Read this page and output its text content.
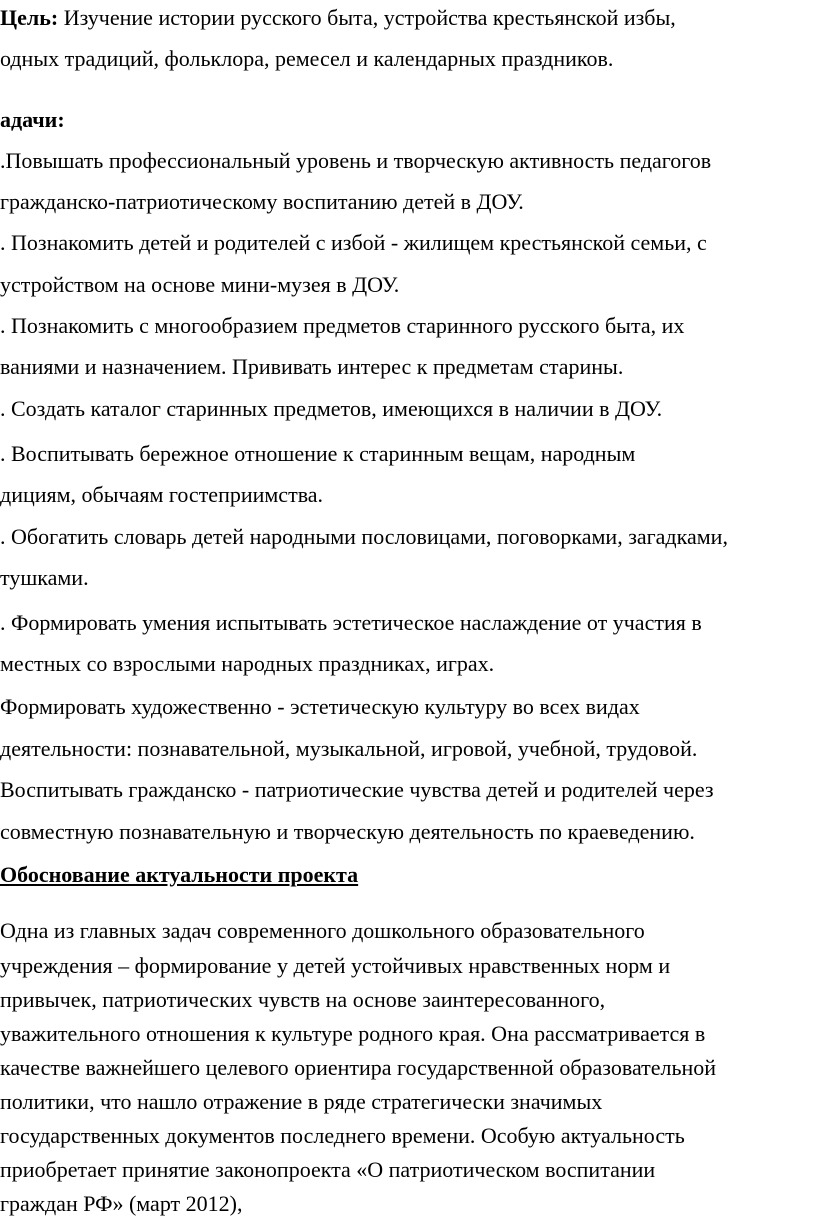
Цель: Изучение истории русского быта, устройства крестьянской избы,
одных традиций, фольклора, ремесел и календарных праздников.
адачи:
.Повышать профессиональный уровень и творческую активность педагогов
гражданско-патриотическому воспитанию детей в ДОУ.
. Познакомить детей и родителей с избой - жилищем крестьянской семьи, с
устройством на основе мини-музея в ДОУ.
. Познакомить с многообразием предметов старинного русского быта, их
ваниями и назначением. Прививать интерес к предметам старины.
. Создать каталог старинных предметов, имеющихся в наличии в ДОУ.
. Воспитывать бережное отношение к старинным вещам, народным
дициям, обычаям гостеприимства.
. Обогатить словарь детей народными пословицами, поговорками, загадками,
тушками.
. Формировать умения испытывать эстетическое наслаждение от участия в
местных со взрослыми народных праздниках, играх.
Формировать художественно - эстетическую культуру во всех видах
деятельности: познавательной, музыкальной, игровой, учебной, трудовой.
Воспитывать гражданско - патриотические чувства детей и родителей через
совместную познавательную и творческую деятельность по краеведению.
Обоснование актуальности проекта
Одна из главных задач современного дошкольного образовательного
учреждения – формирование у детей устойчивых нравственных норм и
привычек, патриотических чувств на основе заинтересованного,
уважительного отношения к культуре родного края. Она рассматривается в
качестве важнейшего целевого ориентира государственной образовательной
политики, что нашло отражение в ряде стратегически значимых
государственных документов последнего времени. Особую актуальность
приобретает принятие законопроекта «О патриотическом воспитании
граждан РФ» (март 2012),
